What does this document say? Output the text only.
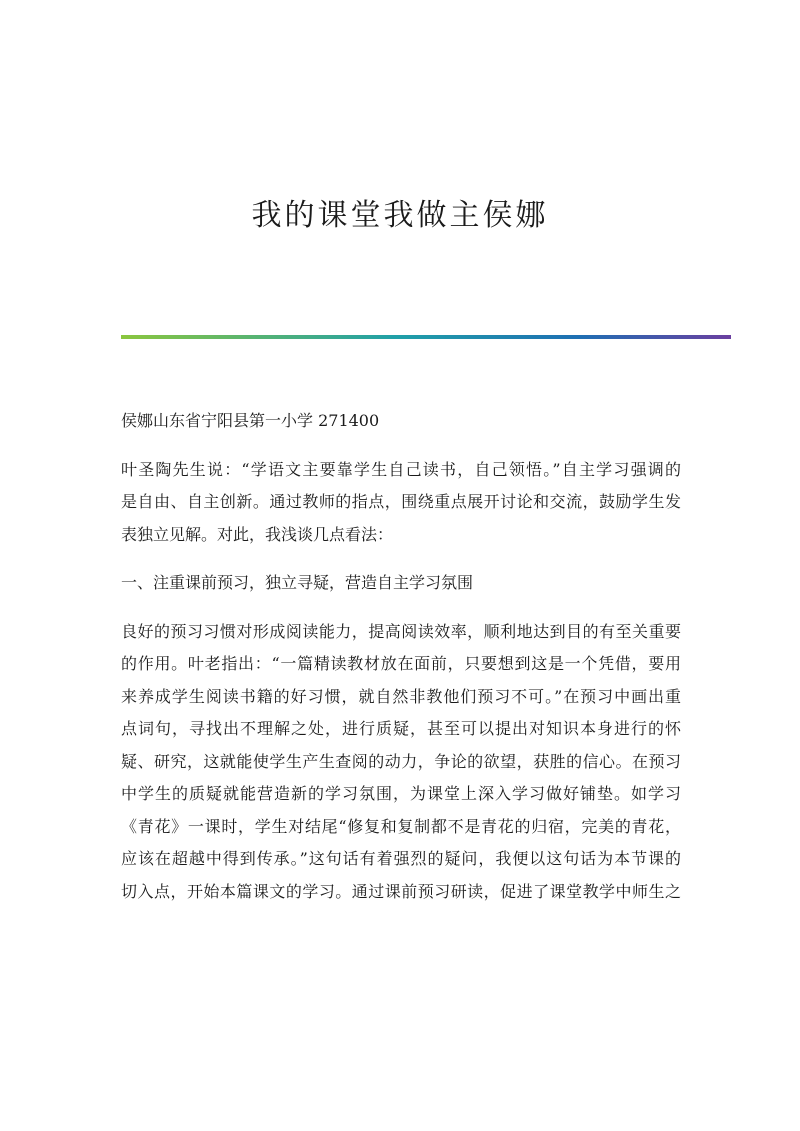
我的课堂我做主侯娜
侯娜山东省宁阳县第一小学 271400
叶圣陶先生说：“学语文主要靠学生自己读书，自己领悟。”自主学习强调的
是自由、自主创新。通过教师的指点，围绕重点展开讨论和交流，鼓励学生发
表独立见解。对此，我浅谈几点看法：
一、注重课前预习，独立寻疑，营造自主学习氛围
良好的预习习惯对形成阅读能力，提高阅读效率，顺利地达到目的有至关重要
的作用。叶老指出：“一篇精读教材放在面前，只要想到这是一个凭借，要用
来养成学生阅读书籍的好习惯，就自然非教他们预习不可。”在预习中画出重
点词句，寻找出不理解之处，进行质疑，甚至可以提出对知识本身进行的怀
疑、研究，这就能使学生产生查阅的动力，争论的欲望，获胜的信心。在预习
中学生的质疑就能营造新的学习氛围，为课堂上深入学习做好铺垫。如学习
《青花》一课时，学生对结尾“修复和复制都不是青花的归宿，完美的青花，
应该在超越中得到传承。”这句话有着强烈的疑问，我便以这句话为本节课的
切入点，开始本篇课文的学习。通过课前预习研读，促进了课堂教学中师生之
